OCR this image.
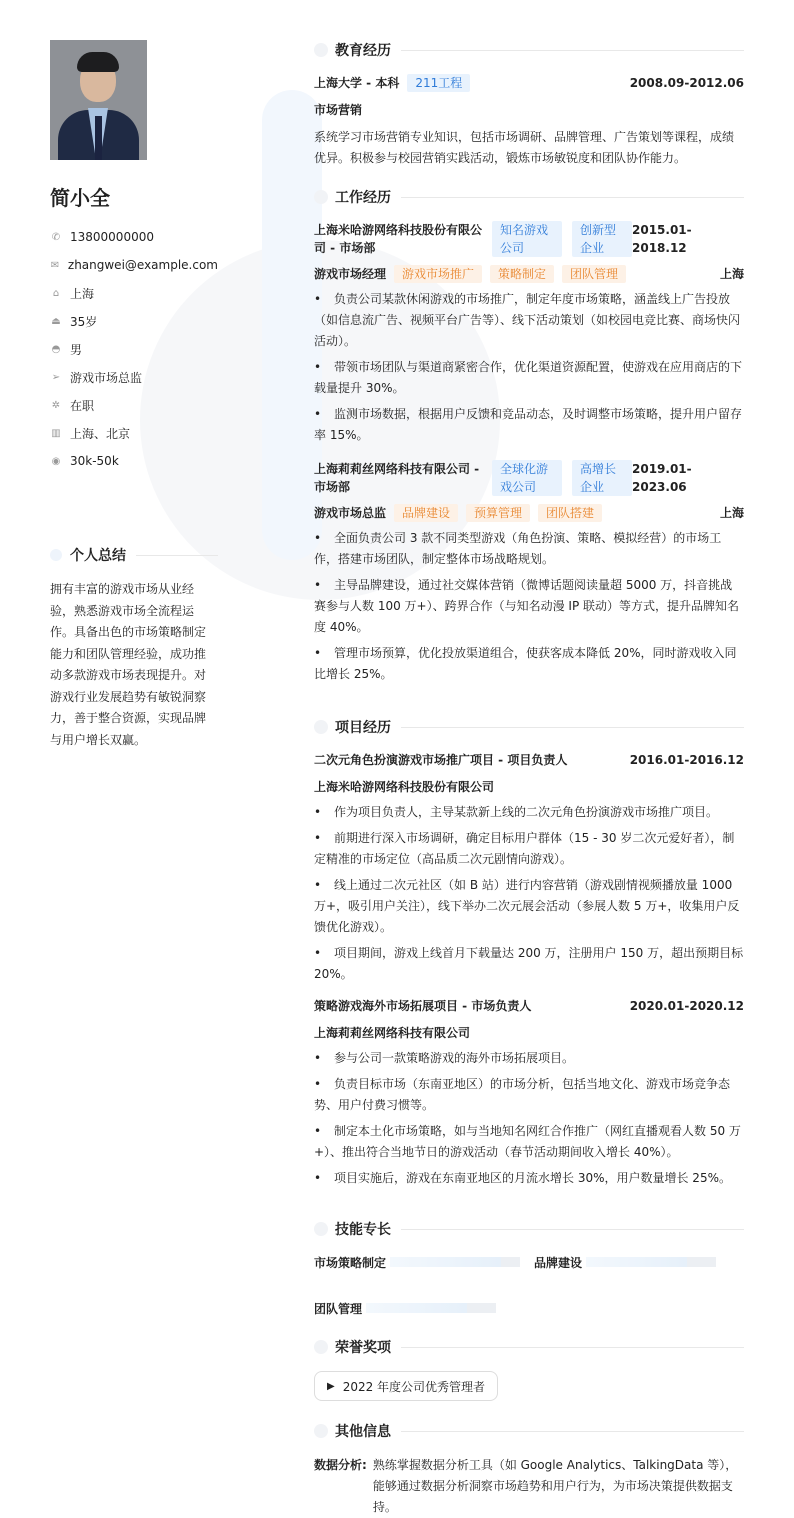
简小全
✆ 13800000000
✉ zhangwei@example.com
⌂ 上海
⏏ 35岁
◓ 男
➢ 游戏市场总监
✲ 在职
▥ 上海、北京
◉ 30k-50k
个人总结
拥有丰富的游戏市场从业经验，熟悉游戏市场全流程运作。具备出色的市场策略制定能力和团队管理经验，成功推动多款游戏市场表现提升。对游戏行业发展趋势有敏锐洞察力，善于整合资源，实现品牌与用户增长双赢。
教育经历
上海大学 - 本科	211工程	2008.09-2012.06
市场营销
系统学习市场营销专业知识，包括市场调研、品牌管理、广告策划等课程，成绩优异。积极参与校园营销实践活动，锻炼市场敏锐度和团队协作能力。
工作经历
上海米哈游网络科技股份有限公司 - 市场部
知名游戏公司
创新型企业
2015.01-2018.12
游戏市场经理	游戏市场推广	策略制定	团队管理	上海
• 负责公司某款休闲游戏的市场推广，制定年度市场策略，涵盖线上广告投放（如信息流广告、视频平台广告等）、线下活动策划（如校园电竞比赛、商场快闪活动）。
• 带领市场团队与渠道商紧密合作，优化渠道资源配置，使游戏在应用商店的下载量提升 30%。
• 监测市场数据，根据用户反馈和竞品动态，及时调整市场策略，提升用户留存率 15%。
上海莉莉丝网络科技有限公司 - 市场部
全球化游戏公司
高增长企业
2019.01-2023.06
游戏市场总监	品牌建设	预算管理	团队搭建	上海
• 全面负责公司 3 款不同类型游戏（角色扮演、策略、模拟经营）的市场工作，搭建市场团队，制定整体市场战略规划。
• 主导品牌建设，通过社交媒体营销（微博话题阅读量超 5000 万，抖音挑战赛参与人数 100 万+）、跨界合作（与知名动漫 IP 联动）等方式，提升品牌知名度 40%。
• 管理市场预算，优化投放渠道组合，使获客成本降低 20%，同时游戏收入同比增长 25%。
项目经历
二次元角色扮演游戏市场推广项目 - 项目负责人	2016.01-2016.12
上海米哈游网络科技股份有限公司
• 作为项目负责人，主导某款新上线的二次元角色扮演游戏市场推广项目。
• 前期进行深入市场调研，确定目标用户群体（15 - 30 岁二次元爱好者），制定精准的市场定位（高品质二次元剧情向游戏）。
• 线上通过二次元社区（如 B 站）进行内容营销（游戏剧情视频播放量 1000 万+，吸引用户关注），线下举办二次元展会活动（参展人数 5 万+，收集用户反馈优化游戏）。
• 项目期间，游戏上线首月下载量达 200 万，注册用户 150 万，超出预期目标 20%。
策略游戏海外市场拓展项目 - 市场负责人	2020.01-2020.12
上海莉莉丝网络科技有限公司
• 参与公司一款策略游戏的海外市场拓展项目。
• 负责目标市场（东南亚地区）的市场分析，包括当地文化、游戏市场竞争态势、用户付费习惯等。
• 制定本土化市场策略，如与当地知名网红合作推广（网红直播观看人数 50 万+）、推出符合当地节日的游戏活动（春节活动期间收入增长 40%）。
• 项目实施后，游戏在东南亚地区的月流水增长 30%，用户数量增长 25%。
技能专长
市场策略制定	品牌建设
团队管理
荣誉奖项
▶ 2022 年度公司优秀管理者
其他信息
数据分析: 熟练掌握数据分析工具（如 Google Analytics、TalkingData 等），能够通过数据分析洞察市场趋势和用户行为，为市场决策提供数据支持。
